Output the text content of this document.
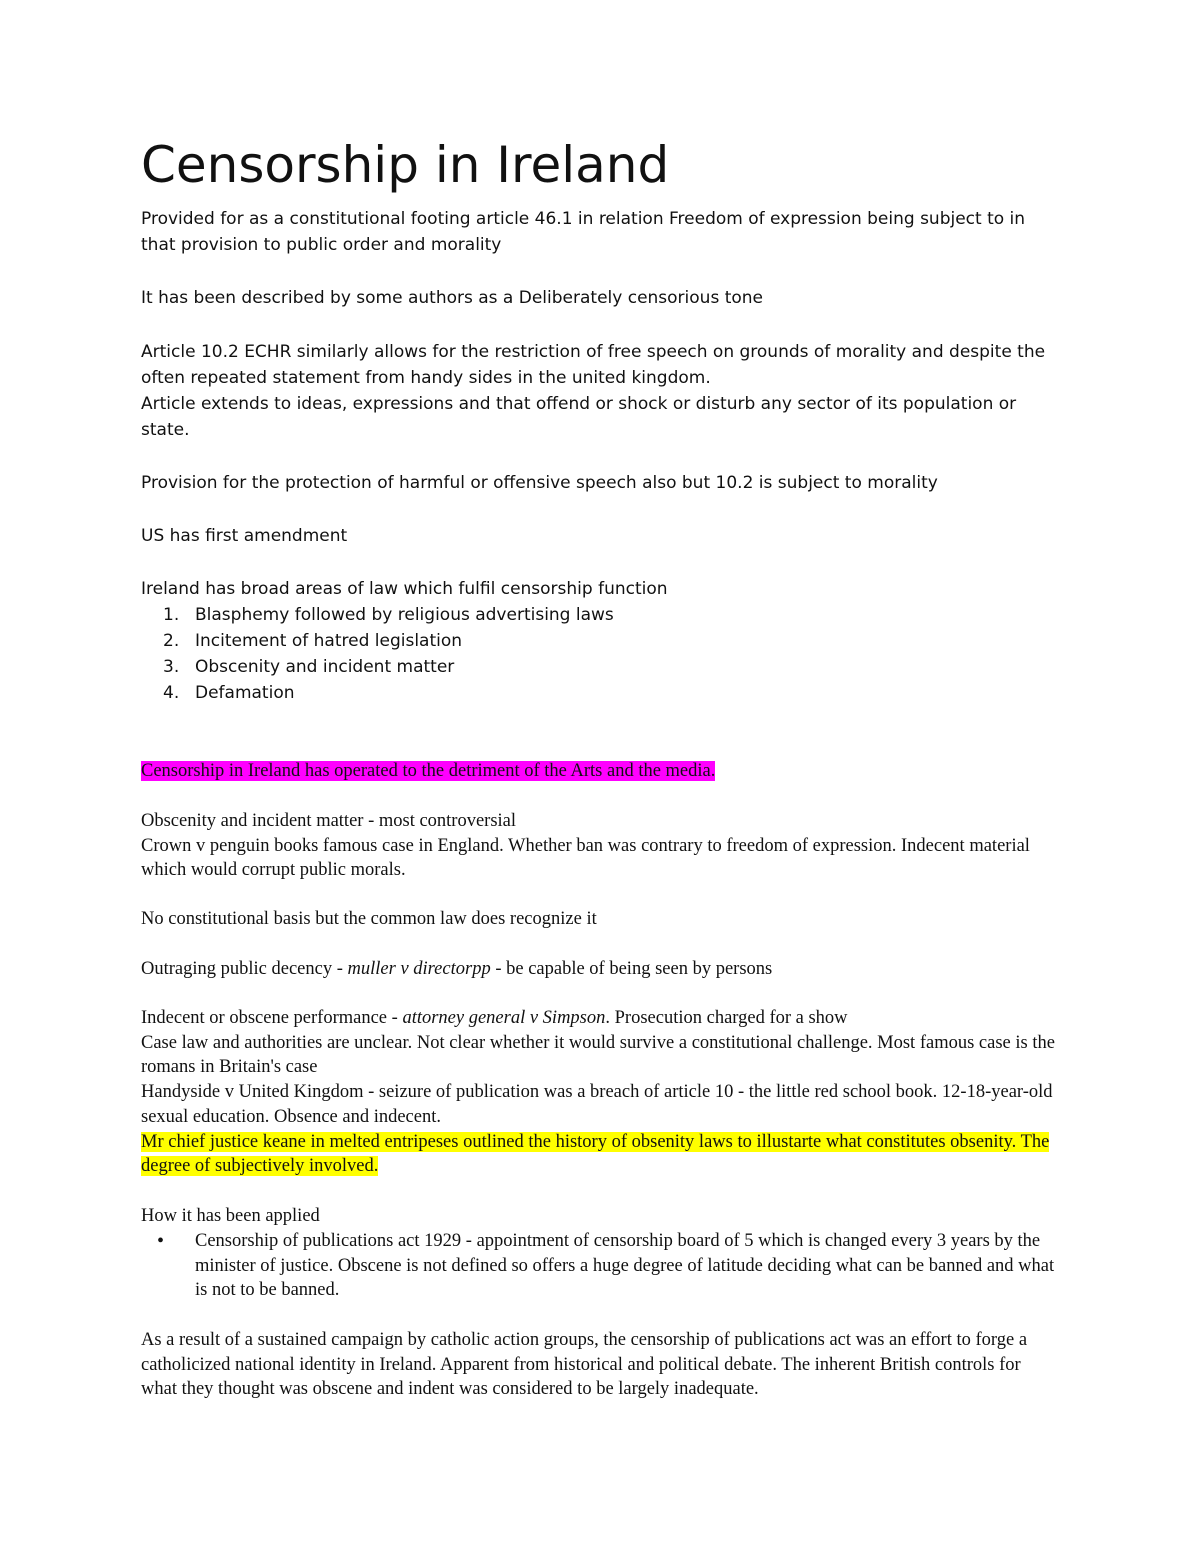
Censorship in Ireland

Provided for as a constitutional footing article 46.1 in relation Freedom of expression being subject to in that provision to public order and morality

It has been described by some authors as a Deliberately censorious tone

Article 10.2 ECHR similarly allows for the restriction of free speech on grounds of morality and despite the often repeated statement from handy sides in the united kingdom.

Article extends to ideas, expressions and that offend or shock or disturb any sector of its population or state.

Provision for the protection of harmful or offensive speech also but 10.2 is subject to morality

US has first amendment

Ireland has broad areas of law which fulfil censorship function

1. Blasphemy followed by religious advertising laws
2. Incitement of hatred legislation
3. Obscenity and incident matter
4. Defamation
Censorship in Ireland has operated to the detriment of the Arts and the media.

Obscenity and incident matter - most controversial

Crown v penguin books famous case in England. Whether ban was contrary to freedom of expression. Indecent material which would corrupt public morals.

No constitutional basis but the common law does recognize it

Outraging public decency - muller v directorpp - be capable of being seen by persons

Indecent or obscene performance - attorney general v Simpson. Prosecution charged for a show

Case law and authorities are unclear. Not clear whether it would survive a constitutional challenge. Most famous case is the romans in Britain's case

Handyside v United Kingdom - seizure of publication was a breach of article 10 - the little red school book. 12-18-year-old sexual education. Obsence and indecent.

Mr chief justice keane in melted entripeses outlined the history of obsenity laws to illustarte what constitutes obsenity. The degree of subjectively involved.

How it has been applied

•	Censorship of publications act 1929 - appointment of censorship board of 5 which is changed every 3 years by the minister of justice. Obscene is not defined so offers a huge degree of latitude deciding what can be banned and what is not to be banned.

As a result of a sustained campaign by catholic action groups, the censorship of publications act was an effort to forge a catholicized national identity in Ireland. Apparent from historical and political debate. The inherent British controls for what they thought was obscene and indent was considered to be largely inadequate.
